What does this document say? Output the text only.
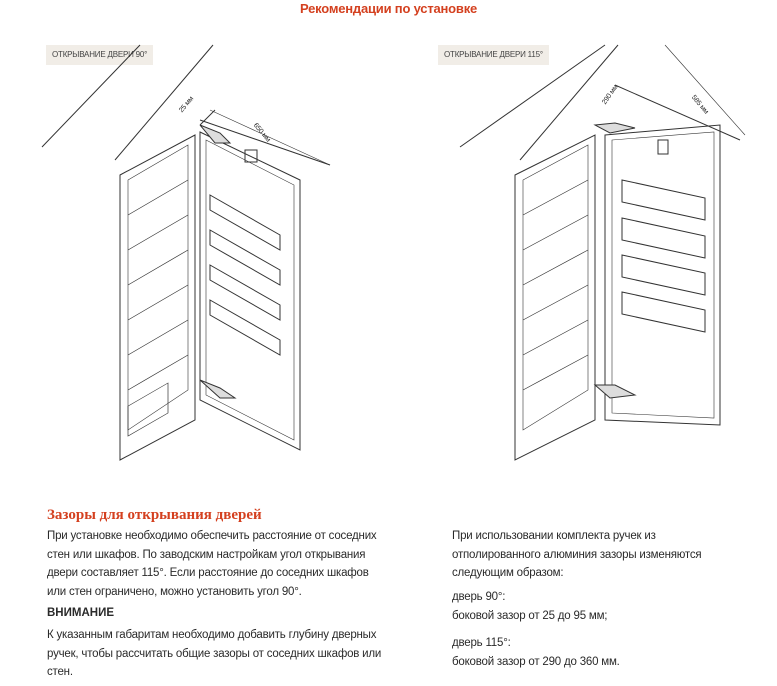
Рекомендации по установке
ОТКРЫВАНИЕ ДВЕРИ 90°	ОТКРЫВАНИЕ ДВЕРИ 115°
25 мм
650 мм
290 мм	585 мм
Зазоры для открывания дверей
При установке необходимо обеспечить расстояние от соседних
стен или шкафов. По заводским настройкам угол открывания
двери составляет 115°. Если расстояние до соседних шкафов
или стен ограничено, можно установить угол 90°.
ВНИМАНИЕ
К указанным габаритам необходимо добавить глубину дверных
ручек, чтобы рассчитать общие зазоры от соседних шкафов или
стен.
При использовании комплекта ручек из
отполированного алюминия зазоры изменяются
следующим образом:
дверь 90°:
боковой зазор от 25 до 95 мм;
дверь 115°:
боковой зазор от 290 до 360 мм.
